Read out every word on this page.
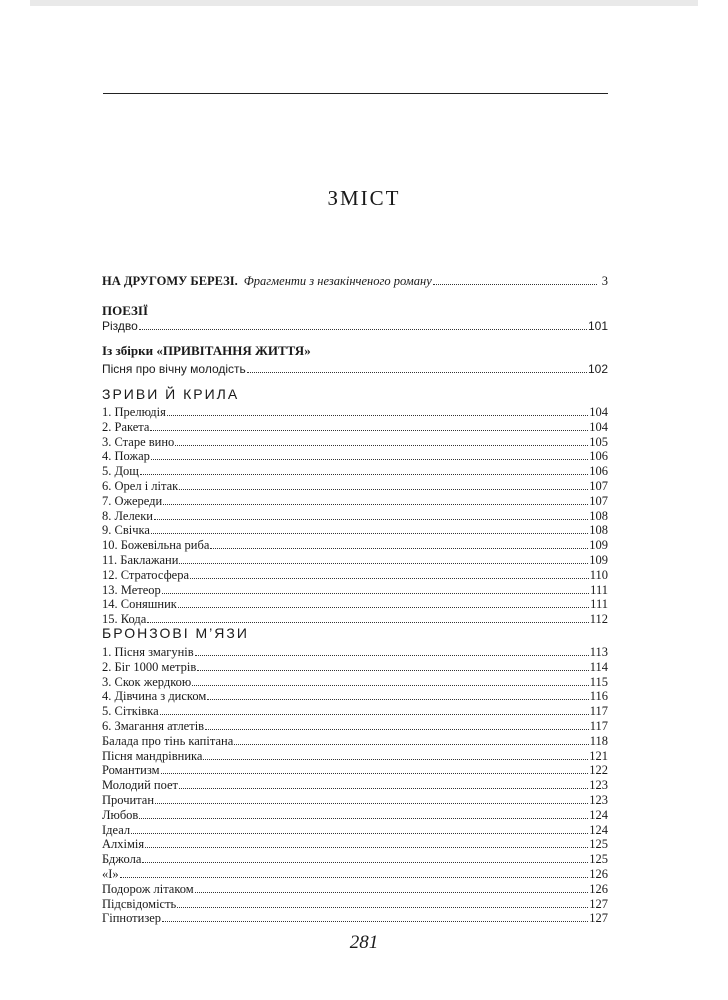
ЗМІСТ
НА ДРУГОМУ БЕРЕЗІ. Фрагменти з незакінченого роману	3
ПОЕЗІЇ
Різдво	101
Із збірки «ПРИВІТАННЯ ЖИТТЯ»
Пісня про вічну молодість	102
ЗРИВИ Й КРИЛА
1. Прелюдія	104
2. Ракета	104
3. Старе вино	105
4. Пожар	106
5. Дощ	106
6. Орел і літак	107
7. Ожереди	107
8. Лелеки	108
9. Свічка	108
10. Божевільна риба	109
11. Баклажани	109
12. Стратосфера	110
13. Метеор	111
14. Соняшник	111
15. Кода	112
БРОНЗОВІ М’ЯЗИ
1. Пісня змагунів	113
2. Біг 1000 метрів	114
3. Скок жердкою	115
4. Дівчина з диском	116
5. Сітківка	117
6. Змагання атлетів	117
Балада про тінь капітана	118
Пісня мандрівника	121
Романтизм	122
Молодий поет	123
Прочитан	123
Любов	124
Ідеал	124
Алхімія	125
Бджола	125
«І»	126
Подорож літаком	126
Підсвідомість	127
Гіпнотизер	127
281
